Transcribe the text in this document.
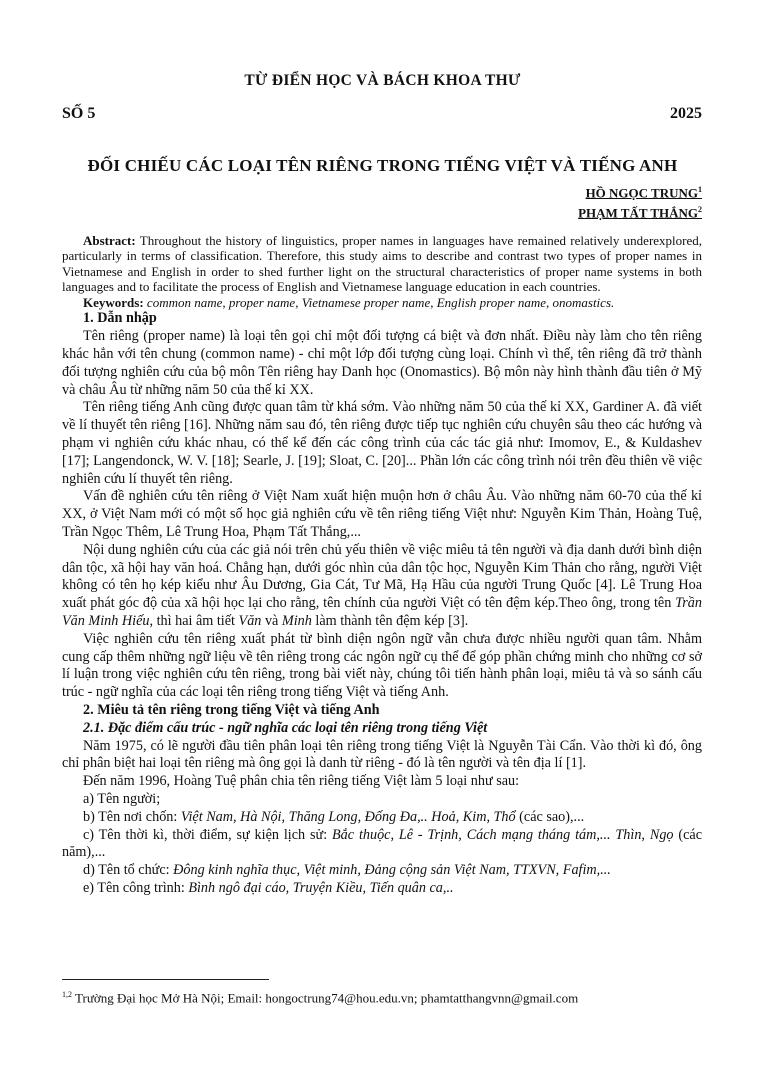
TỪ ĐIỂN HỌC VÀ BÁCH KHOA THƯ
SỐ 5	2025
ĐỐI CHIẾU CÁC LOẠI TÊN RIÊNG TRONG TIẾNG VIỆT VÀ TIẾNG ANH
HỒ NGỌC TRUNG$^1$
PHẠM TẤT THẮNG$^2$

Abstract: Throughout the history of linguistics, proper names in languages have remained relatively underexplored, particularly in terms of classification. Therefore, this study aims to describe and contrast two types of proper names in Vietnamese and English in order to shed further light on the structural characteristics of proper name systems in both languages and to facilitate the process of English and Vietnamese language education in each countries.

Keywords: common name, proper name, Vietnamese proper name, English proper name, onomastics.

1. Dẫn nhập

Tên riêng (proper name) là loại tên gọi chỉ một đối tượng cá biệt và đơn nhất. Điều này làm cho tên riêng khác hẳn với tên chung (common name) - chỉ một lớp đối tượng cùng loại. Chính vì thế, tên riêng đã trở thành đối tượng nghiên cứu của bộ môn Tên riêng hay Danh học (Onomastics). Bộ môn này hình thành đầu tiên ở Mỹ và châu Âu từ những năm 50 của thế kỉ XX.

Tên riêng tiếng Anh cũng được quan tâm từ khá sớm. Vào những năm 50 của thế kỉ XX, Gardiner A. đã viết về lí thuyết tên riêng [16]. Những năm sau đó, tên riêng được tiếp tục nghiên cứu chuyên sâu theo các hướng và phạm vi nghiên cứu khác nhau, có thể kể đến các công trình của các tác giả như: Imomov, E., & Kuldashev [17]; Langendonck, W. V. [18]; Searle, J. [19]; Sloat, C. [20]... Phần lớn các công trình nói trên đều thiên về việc nghiên cứu lí thuyết tên riêng.

Vấn đề nghiên cứu tên riêng ở Việt Nam xuất hiện muộn hơn ở châu Âu. Vào những năm 60-70 của thế kỉ XX, ở Việt Nam mới có một số học giả nghiên cứu về tên riêng tiếng Việt như: Nguyễn Kim Thản, Hoàng Tuệ, Trần Ngọc Thêm, Lê Trung Hoa, Phạm Tất Thắng,...

Nội dung nghiên cứu của các giả nói trên chủ yếu thiên về việc miêu tả tên người và địa danh dưới bình diện dân tộc, xã hội hay văn hoá. Chẳng hạn, dưới góc nhìn của dân tộc học, Nguyễn Kim Thản cho rằng, người Việt không có tên họ kép kiểu như Âu Dương, Gia Cát, Tư Mã, Hạ Hầu của người Trung Quốc [4]. Lê Trung Hoa xuất phát góc độ của xã hội học lại cho rằng, tên chính của người Việt có tên đệm kép.Theo ông, trong tên Trần Văn Minh Hiếu, thì hai âm tiết Văn và Minh làm thành tên đệm kép [3].

Việc nghiên cứu tên riêng xuất phát từ bình diện ngôn ngữ vẫn chưa được nhiều người quan tâm. Nhằm cung cấp thêm những ngữ liệu về tên riêng trong các ngôn ngữ cụ thể để góp phần chứng minh cho những cơ sở lí luận trong việc nghiên cứu tên riêng, trong bài viết này, chúng tôi tiến hành phân loại, miêu tả và so sánh cấu trúc - ngữ nghĩa của các loại tên riêng trong tiếng Việt và tiếng Anh.

2. Miêu tả tên riêng trong tiếng Việt và tiếng Anh

2.1. Đặc điểm cấu trúc - ngữ nghĩa các loại tên riêng trong tiếng Việt

Năm 1975, có lẽ người đầu tiên phân loại tên riêng trong tiếng Việt là Nguyễn Tài Cẩn. Vào thời kì đó, ông chỉ phân biệt hai loại tên riêng mà ông gọi là danh từ riêng - đó là tên người và tên địa lí [1].

Đến năm 1996, Hoàng Tuệ phân chia tên riêng tiếng Việt làm 5 loại như sau:

a) Tên người;

b) Tên nơi chốn: Việt Nam, Hà Nội, Thăng Long, Đống Đa,.. Hoả, Kim, Thổ (các sao),...

c) Tên thời kì, thời điểm, sự kiện lịch sử: Bắc thuộc, Lê - Trịnh, Cách mạng tháng tám,... Thìn, Ngọ (các năm),...

d) Tên tổ chức: Đông kinh nghĩa thục, Việt minh, Đảng cộng sản Việt Nam, TTXVN, Fafim,...

e) Tên công trình: Bình ngô đại cáo, Truyện Kiều, Tiến quân ca,..

$^{1,2}$ Trường Đại học Mở Hà Nội; Email: hongoctrung74@hou.edu.vn; phamtatthangvnn@gmail.com
